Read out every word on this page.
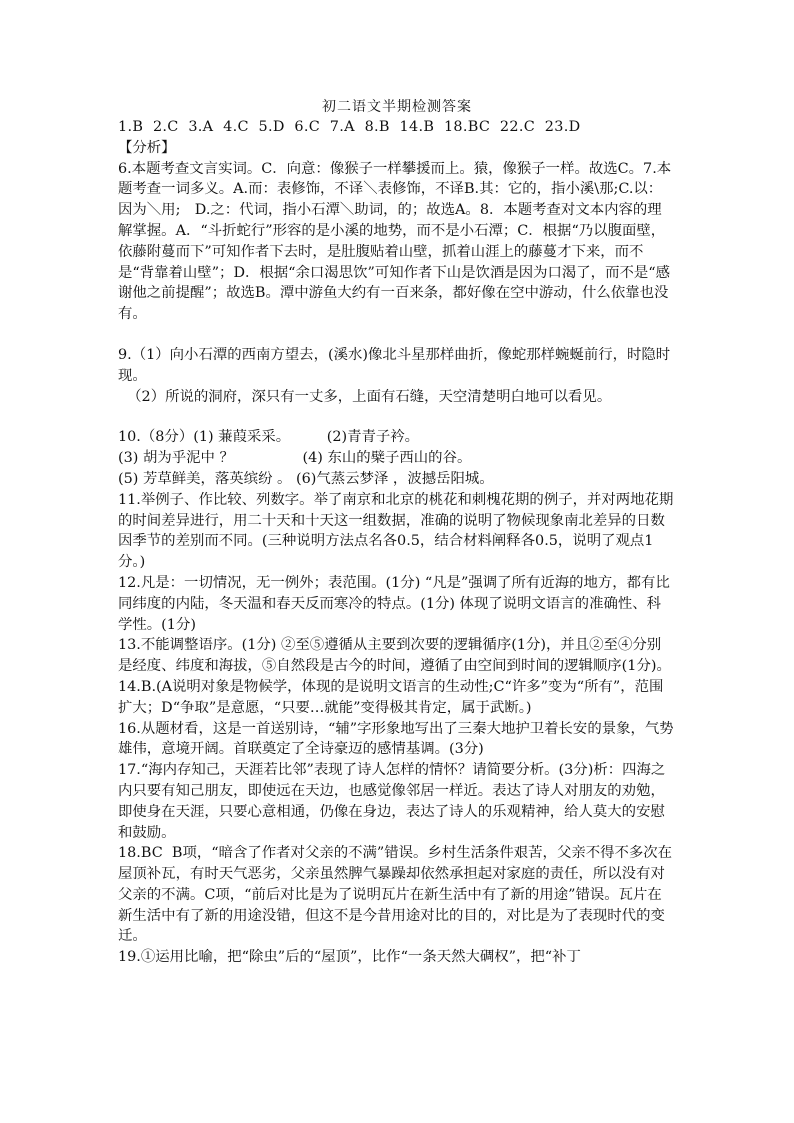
初二语文半期检测答案

1.B  2.C  3.A  4.C  5.D  6.C  7.A  8.B  14.B  18.BC  22.C  23.D

【分析】

6.本题考查文言实词。C．向意：像猴子一样攀援而上。猿，像猴子一样。故选C。7.本题考查一词多义。A.而：表修饰，不译＼表修饰，不译B.其：它的，指小溪\那;C.以：因为＼用;　D.之：代词，指小石潭＼助词，的；故选A。8．本题考查对文本内容的理解掌握。A．“斗折蛇行”形容的是小溪的地势，而不是小石潭；C．根据“乃以腹面壁，依藤附蔓而下”可知作者下去时，是肚腹贴着山壁，抓着山涯上的藤蔓才下来，而不是“背靠着山壁”；D．根据“余口渴思饮”可知作者下山是饮酒是因为口渴了，而不是“感谢他之前提醒”；故选B。潭中游鱼大约有一百来条，都好像在空中游动，什么依靠也没有。

9.（1）向小石潭的西南方望去，(溪水)像北斗星那样曲折，像蛇那样蜿蜒前行，时隐时现。

（2）所说的洞府，深只有一丈多，上面有石缝，天空清楚明白地可以看见。

10.（8分）(1) 蒹葭采采。        (2)青青子衿。

(3) 胡为乎泥中 ？               (4) 东山的檗子西山的谷。

(5) 芳草鲜美，落英缤纷 。 (6)气蒸云梦泽 ，波撼岳阳城。

11.举例子、作比较、列数字。举了南京和北京的桃花和刺槐花期的例子，并对两地花期的时间差异进行，用二十天和十天这一组数据，准确的说明了物候现象南北差异的日数因季节的差别而不同。(三种说明方法点名各0.5，结合材料阐释各0.5，说明了观点1分。)

12.凡是：一切情况，无一例外；表范围。(1分) “凡是”强调了所有近海的地方，都有比同纬度的内陆，冬天温和春天反而寒冷的特点。(1分) 体现了说明文语言的准确性、科学性。(1分)

13.不能调整语序。(1分) ②至⑤遵循从主要到次要的逻辑循序(1分)，并且②至④分别是经度、纬度和海拔，⑤自然段是古今的时间，遵循了由空间到时间的逻辑顺序(1分)。

14.B.(A说明对象是物候学，体现的是说明文语言的生动性;C“许多”变为“所有”，范围扩大；D“争取”是意愿，“只要…就能”变得极其肯定，属于武断。)

16.从题材看，这是一首送别诗，“辅”字形象地写出了三秦大地护卫着长安的景象，气势雄伟，意境开阔。首联奠定了全诗豪迈的感情基调。(3分)

17.“海内存知己，天涯若比邻”表现了诗人怎样的情怀？请简要分析。(3分)析：四海之内只要有知己朋友，即使远在天边，也感觉像邻居一样近。表达了诗人对朋友的劝勉，即使身在天涯，只要心意相通，仍像在身边，表达了诗人的乐观精神，给人莫大的安慰和鼓励。

18.BC  B项，“暗含了作者对父亲的不满”错误。乡村生活条件艰苦，父亲不得不多次在屋顶补瓦，有时天气恶劣，父亲虽然脾气暴躁却依然承担起对家庭的责任，所以没有对父亲的不满。C项，“前后对比是为了说明瓦片在新生活中有了新的用途”错误。瓦片在新生活中有了新的用途没错，但这不是今昔用途对比的目的，对比是为了表现时代的变迁。

19.①运用比喻，把“除虫”后的“屋顶”，比作“一条天然大碉权”，把“补丁
